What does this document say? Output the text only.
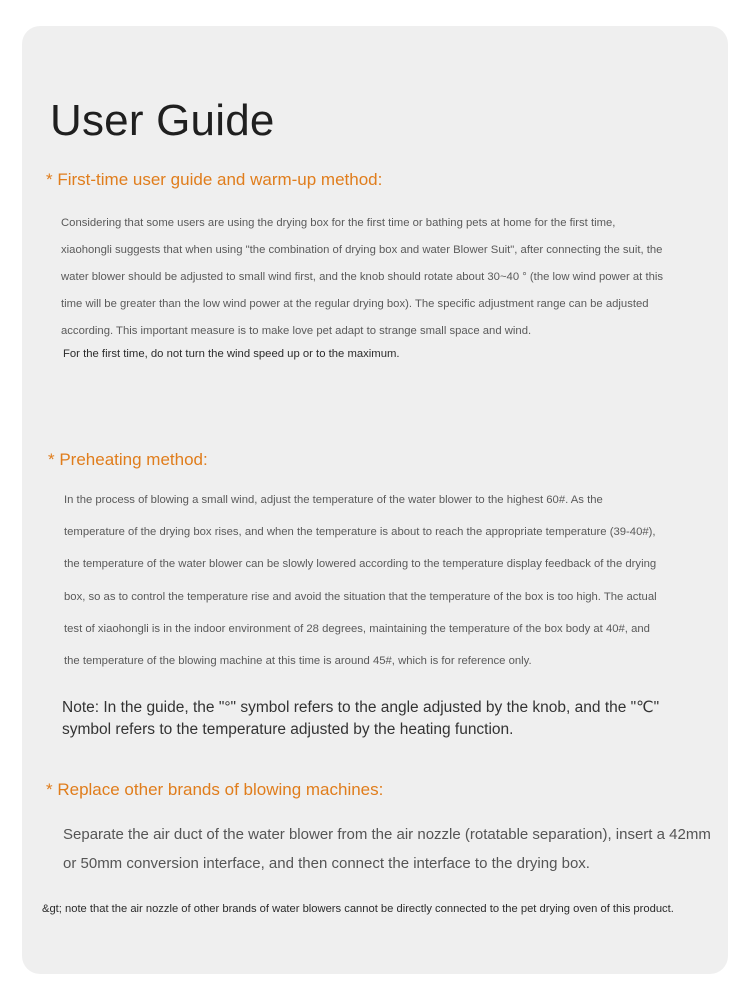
User Guide
* First-time user guide and warm-up method:
Considering that some users are using the drying box for the first time or bathing pets at home for the first time,
xiaohongli suggests that when using "the combination of drying box and water Blower Suit", after connecting the suit, the
water blower should be adjusted to small wind first, and the knob should rotate about 30~40 ° (the low wind power at this
time will be greater than the low wind power at the regular drying box). The specific adjustment range can be adjusted
according. This important measure is to make love pet adapt to strange small space and wind.

For the first time, do not turn the wind speed up or to the maximum.

* Preheating method:
In the process of blowing a small wind, adjust the temperature of the water blower to the highest 60#. As the
temperature of the drying box rises, and when the temperature is about to reach the appropriate temperature (39-40#),
the temperature of the water blower can be slowly lowered according to the temperature display feedback of the drying
box, so as to control the temperature rise and avoid the situation that the temperature of the box is too high. The actual
test of xiaohongli is in the indoor environment of 28 degrees, maintaining the temperature of the box body at 40#, and
the temperature of the blowing machine at this time is around 45#, which is for reference only.

Note: In the guide, the "°" symbol refers to the angle adjusted by the knob, and the "℃" symbol refers to the temperature adjusted by the heating function.

* Replace other brands of blowing machines:

Separate the air duct of the water blower from the air nozzle (rotatable separation), insert a 42mm or 50mm conversion interface, and then connect the interface to the drying box.

&gt; note that the air nozzle of other brands of water blowers cannot be directly connected to the pet drying oven of this product.
